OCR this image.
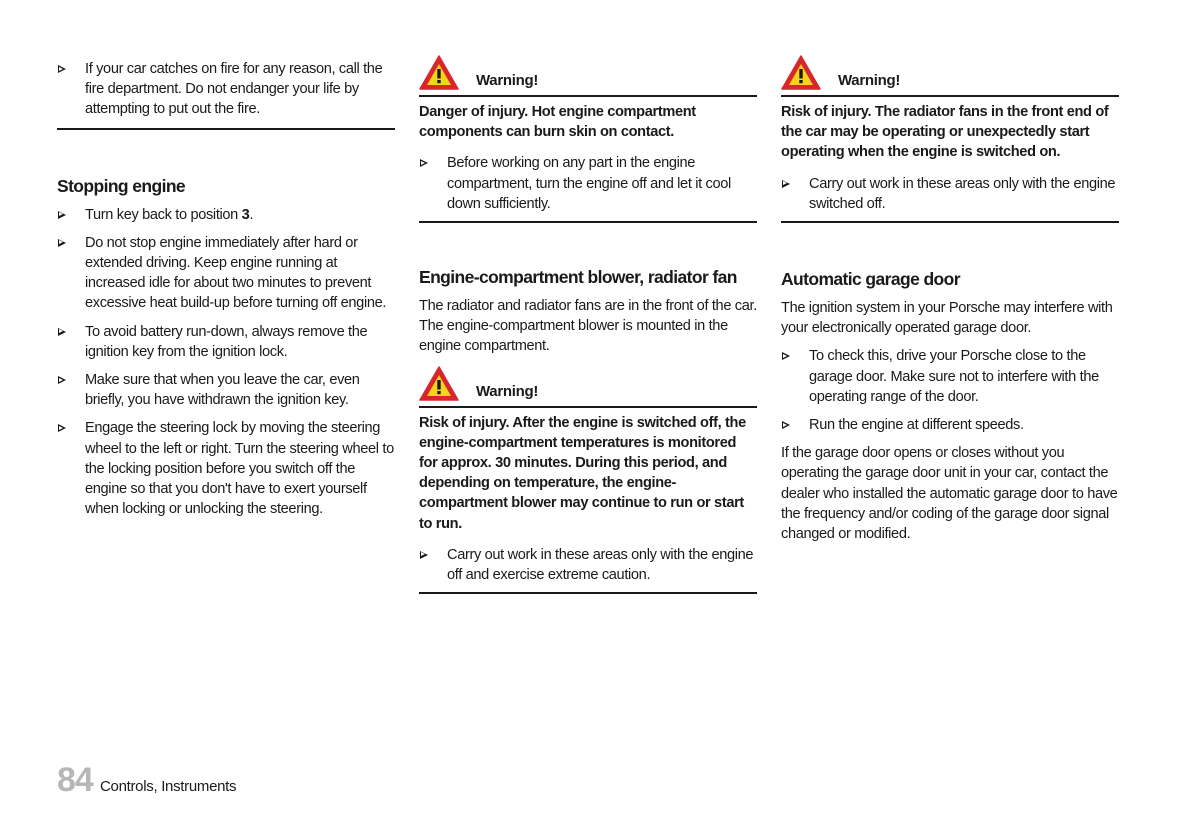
If your car catches on fire for any reason, call the fire department. Do not endanger your life by attempting to put out the fire.

Stopping engine

Turn key back to position 3.

Do not stop engine immediately after hard or extended driving. Keep engine running at increased idle for about two minutes to prevent excessive heat build-up before turning off engine.

To avoid battery run-down, always remove the ignition key from the ignition lock.

Make sure that when you leave the car, even briefly, you have withdrawn the ignition key.

Engage the steering lock by moving the steering wheel to the left or right. Turn the steering wheel to the locking position before you switch off the engine so that you don't have to exert yourself when locking or unlocking the steering.

Warning!

Danger of injury. Hot engine compartment components can burn skin on contact.

Before working on any part in the engine compartment, turn the engine off and let it cool down sufficiently.

Engine-compartment blower, radiator fan

The radiator and radiator fans are in the front of the car. The engine-compartment blower is mounted in the engine compartment.

Warning!

Risk of injury. After the engine is switched off, the engine-compartment temperatures is monitored for approx. 30 minutes. During this period, and depending on temperature, the engine-compartment blower may continue to run or start to run.

Carry out work in these areas only with the engine off and exercise extreme caution.

Warning!

Risk of injury. The radiator fans in the front end of the car may be operating or unexpectedly start operating when the engine is switched on.

Carry out work in these areas only with the engine switched off.

Automatic garage door

The ignition system in your Porsche may interfere with your electronically operated garage door.

To check this, drive your Porsche close to the garage door. Make sure not to interfere with the operating range of the door.

Run the engine at different speeds.

If the garage door opens or closes without you operating the garage door unit in your car, contact the dealer who installed the automatic garage door to have the frequency and/or coding of the garage door signal changed or modified.

84 Controls, Instruments
